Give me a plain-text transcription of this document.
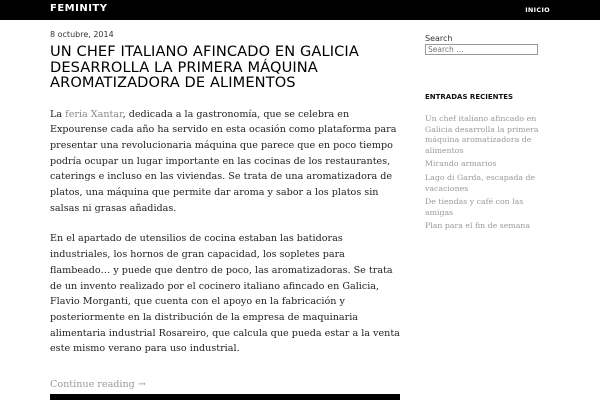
FEMINITY	INICIO
8 octubre, 2014
UN CHEF ITALIANO AFINCADO EN GALICIA DESARROLLA LA PRIMERA MÁQUINA AROMATIZADORA DE ALIMENTOS

La feria Xantar, dedicada a la gastronomía, que se celebra en Expourense cada año ha servido en esta ocasión como plataforma para presentar una revolucionaria máquina que parece que en poco tiempo podría ocupar un lugar importante en las cocinas de los restaurantes, caterings e incluso en las viviendas. Se trata de una aromatizadora de platos, una máquina que permite dar aroma y sabor a los platos sin salsas ni grasas añadidas.

En el apartado de utensilios de cocina estaban las batidoras industriales, los hornos de gran capacidad, los sopletes para flambeado… y puede que dentro de poco, las aromatizadoras. Se trata de un invento realizado por el cocinero italiano afincado en Galicia, Flavio Morganti, que cuenta con el apoyo en la fabricación y posteriormente en la distribución de la empresa de maquinaria alimentaria industrial Rosareiro, que calcula que pueda estar a la venta este mismo verano para uso industrial.

Continue reading →
Search
Search …
ENTRADAS RECIENTES
Un chef italiano afincado en Galicia desarrolla la primera máquina aromatizadora de alimentos
Mirando armarios
Lago di Garda, escapada de vacaciones
De tiendas y café con las amigas
Plan para el fin de semana
